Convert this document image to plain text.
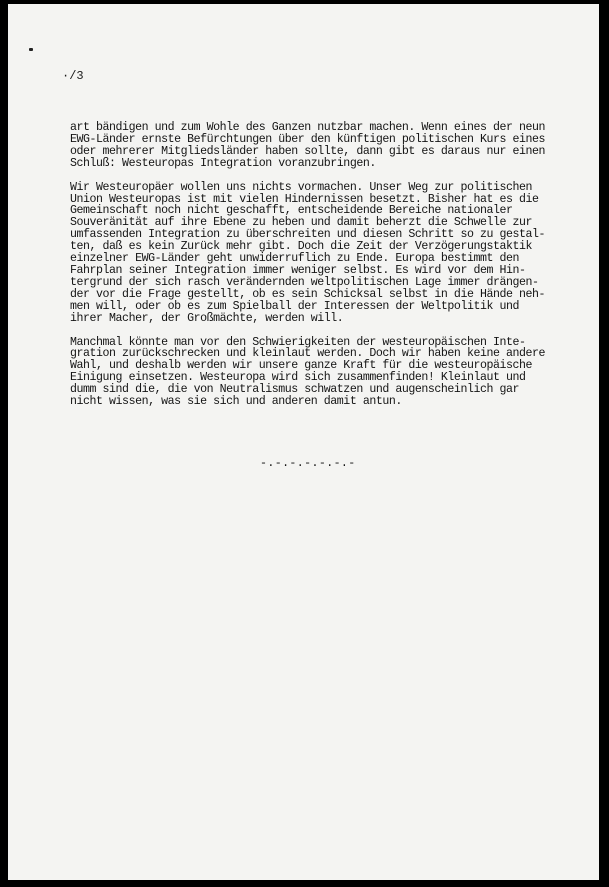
·/3

art bändigen und zum Wohle des Ganzen nutzbar machen. Wenn eines der neun
EWG-Länder ernste Befürchtungen über den künftigen politischen Kurs eines
oder mehrerer Mitgliedsländer haben sollte, dann gibt es daraus nur einen
Schluß: Westeuropas Integration voranzubringen.

Wir Westeuropäer wollen uns nichts vormachen. Unser Weg zur politischen
Union Westeuropas ist mit vielen Hindernissen besetzt. Bisher hat es die
Gemeinschaft noch nicht geschafft, entscheidende Bereiche nationaler
Souveränität auf ihre Ebene zu heben und damit beherzt die Schwelle zur
umfassenden Integration zu überschreiten und diesen Schritt so zu gestal-
ten, daß es kein Zurück mehr gibt. Doch die Zeit der Verzögerungstaktik
einzelner EWG-Länder geht unwiderruflich zu Ende. Europa bestimmt den
Fahrplan seiner Integration immer weniger selbst. Es wird vor dem Hin-
tergrund der sich rasch verändernden weltpolitischen Lage immer drängen-
der vor die Frage gestellt, ob es sein Schicksal selbst in die Hände neh-
men will, oder ob es zum Spielball der Interessen der Weltpolitik und
ihrer Macher, der Großmächte, werden will.

Manchmal könnte man vor den Schwierigkeiten der westeuropäischen Inte-
gration zurückschrecken und kleinlaut werden. Doch wir haben keine andere
Wahl, und deshalb werden wir unsere ganze Kraft für die westeuropäische
Einigung einsetzen. Westeuropa wird sich zusammenfinden! Kleinlaut und
dumm sind die, die von Neutralismus schwatzen und augenscheinlich gar
nicht wissen, was sie sich und anderen damit antun.

-.-.-.-.-.-.-
